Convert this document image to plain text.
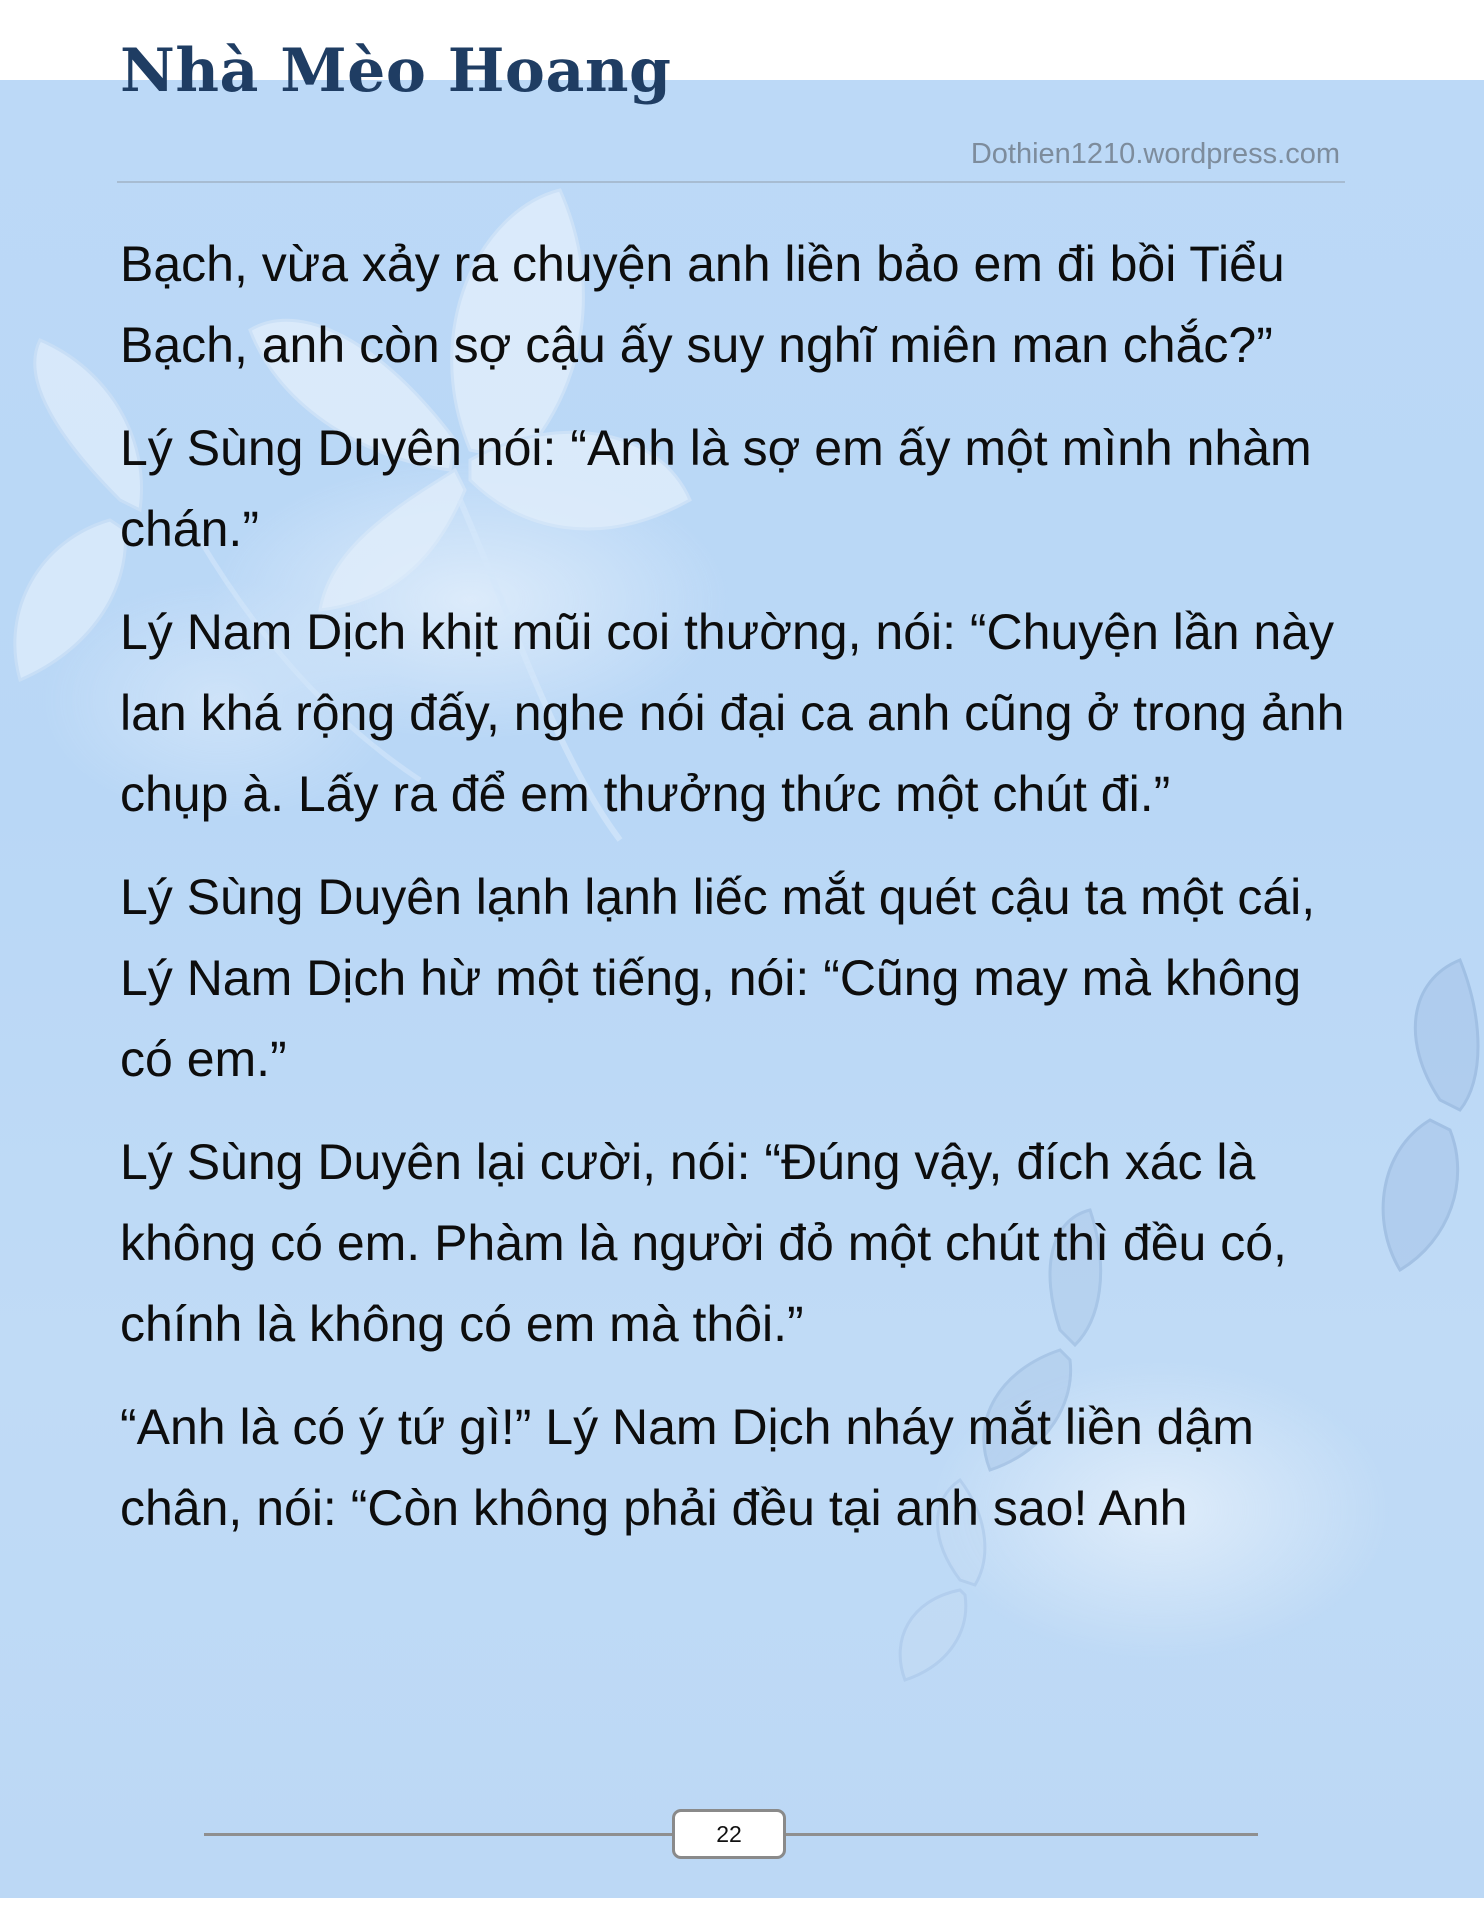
Nhà Mèo Hoang
Dothien1210.wordpress.com

Bạch, vừa xảy ra chuyện anh liền bảo em đi bồi Tiểu Bạch, anh còn sợ cậu ấy suy nghĩ miên man chắc?”

Lý Sùng Duyên nói: “Anh là sợ em ấy một mình nhàm chán.”

Lý Nam Dịch khịt mũi coi thường, nói: “Chuyện lần này lan khá rộng đấy, nghe nói đại ca anh cũng ở trong ảnh chụp à. Lấy ra để em thưởng thức một chút đi.”

Lý Sùng Duyên lạnh lạnh liếc mắt quét cậu ta một cái, Lý Nam Dịch hừ một tiếng, nói: “Cũng may mà không có em.”

Lý Sùng Duyên lại cười, nói: “Đúng vậy, đích xác là không có em. Phàm là người đỏ một chút thì đều có, chính là không có em mà thôi.”

“Anh là có ý tứ gì!” Lý Nam Dịch nháy mắt liền dậm chân, nói: “Còn không phải đều tại anh sao! Anh

22
